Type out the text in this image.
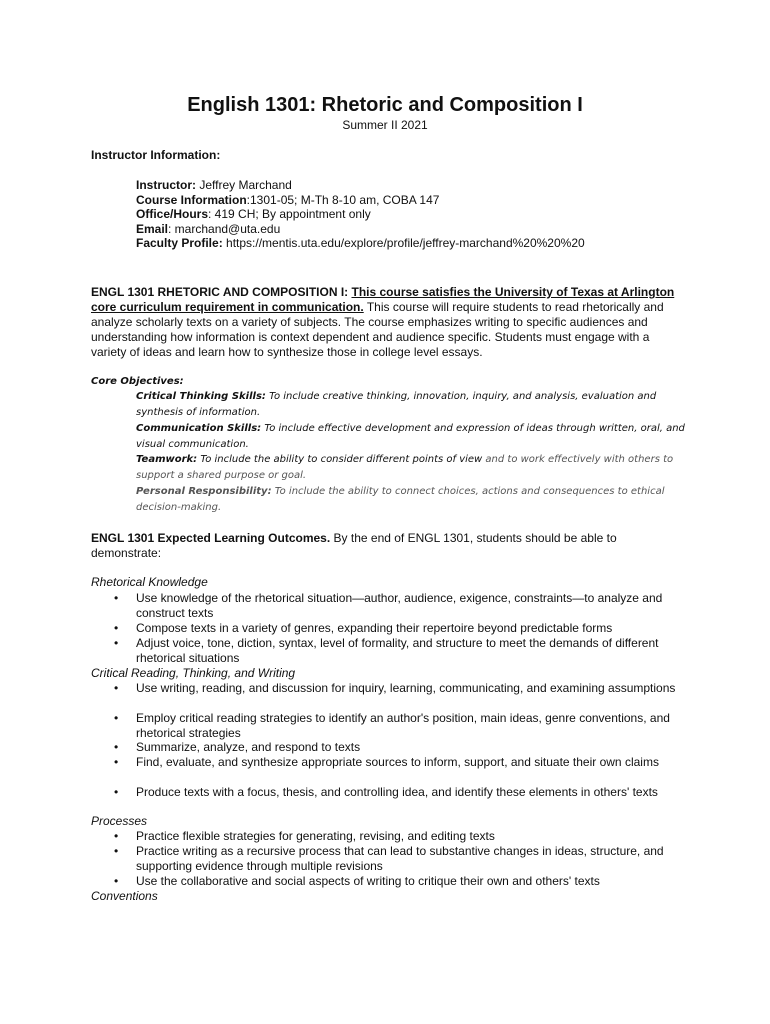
English 1301: Rhetoric and Composition I
Summer II 2021
Instructor Information:
Instructor: Jeffrey Marchand
Course Information:1301-05; M-Th 8-10 am, COBA 147
Office/Hours: 419 CH; By appointment only
Email: marchand@uta.edu
Faculty Profile: https://mentis.uta.edu/explore/profile/jeffrey-marchand%20%20%20
ENGL 1301 RHETORIC AND COMPOSITION I: This course satisfies the University of Texas at Arlington core curriculum requirement in communication. This course will require students to read rhetorically and analyze scholarly texts on a variety of subjects. The course emphasizes writing to specific audiences and understanding how information is context dependent and audience specific. Students must engage with a variety of ideas and learn how to synthesize those in college level essays.
Core Objectives:
Critical Thinking Skills: To include creative thinking, innovation, inquiry, and analysis, evaluation and synthesis of information.
Communication Skills: To include effective development and expression of ideas through written, oral, and visual communication.
Teamwork: To include the ability to consider different points of view and to work effectively with others to support a shared purpose or goal.
Personal Responsibility: To include the ability to connect choices, actions and consequences to ethical decision-making.
ENGL 1301 Expected Learning Outcomes. By the end of ENGL 1301, students should be able to demonstrate:
Rhetorical Knowledge
• Use knowledge of the rhetorical situation—author, audience, exigence, constraints—to analyze and construct texts
• Compose texts in a variety of genres, expanding their repertoire beyond predictable forms
• Adjust voice, tone, diction, syntax, level of formality, and structure to meet the demands of different rhetorical situations
Critical Reading, Thinking, and Writing
• Use writing, reading, and discussion for inquiry, learning, communicating, and examining assumptions
• Employ critical reading strategies to identify an author's position, main ideas, genre conventions, and rhetorical strategies
• Summarize, analyze, and respond to texts
• Find, evaluate, and synthesize appropriate sources to inform, support, and situate their own claims
• Produce texts with a focus, thesis, and controlling idea, and identify these elements in others' texts
Processes
• Practice flexible strategies for generating, revising, and editing texts
• Practice writing as a recursive process that can lead to substantive changes in ideas, structure, and supporting evidence through multiple revisions
• Use the collaborative and social aspects of writing to critique their own and others' texts
Conventions
